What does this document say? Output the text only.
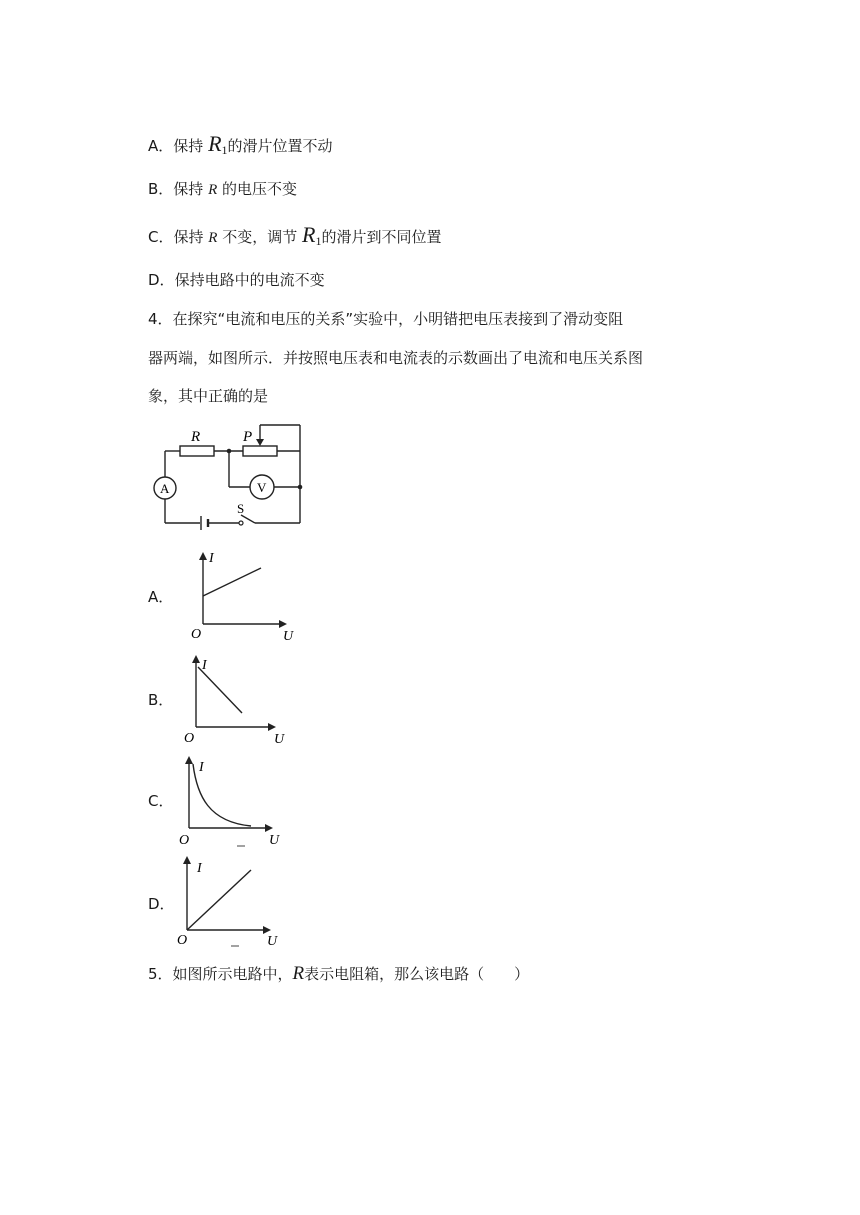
A．保持 $R_1$的滑片位置不动
B．保持 R 的电压不变
C．保持 R 不变，调节 $R_1$的滑片到不同位置
D．保持电路中的电流不变
4．在探究“电流和电压的关系”实验中，小明错把电压表接到了滑动变阻
器两端，如图所示．并按照电压表和电流表的示数画出了电流和电压关系图
象，其中正确的是
R	P
A	V
S
A．
I
O	U
B．
I
O	U
C．
I
O	U
D．
I
O	U
5．如图所示电路中，R表示电阻箱，那么该电路（　　）
